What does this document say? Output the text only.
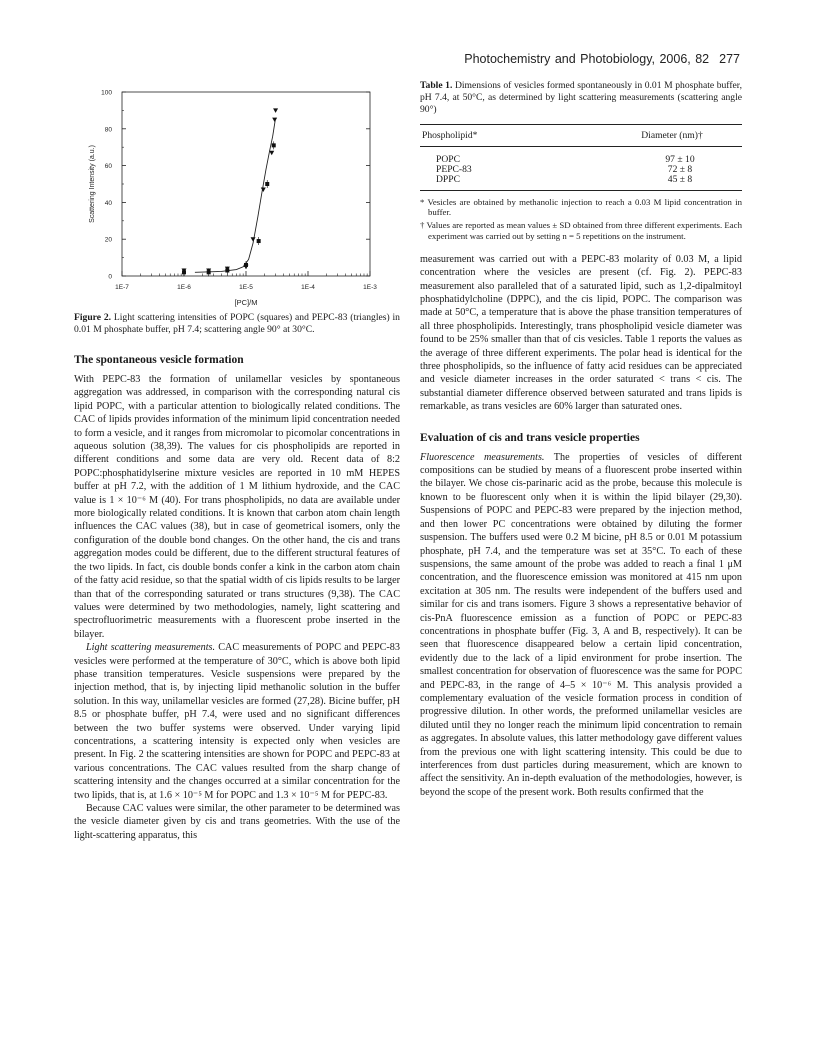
Photochemistry and Photobiology, 2006, 82 277
0
20
40
60
80
100
1E-7	1E-6	1E-5	1E-4	1E-3
[PC]/M
Scattering Intensity (a.u.)

Figure 2. Light scattering intensities of POPC (squares) and PEPC-83 (triangles) in 0.01 M phosphate buffer, pH 7.4; scattering angle 90° at 30°C.

The spontaneous vesicle formation

With PEPC-83 the formation of unilamellar vesicles by spontaneous aggregation was addressed, in comparison with the corresponding natural cis lipid POPC, with a particular attention to biologically related conditions. The CAC of lipids provides information of the minimum lipid concentration needed to form a vesicle, and it ranges from micromolar to picomolar concentrations in aqueous solution (38,39). The values for cis phospholipids are reported in different conditions and some data are very old. Recent data of 8:2 POPC:phosphatidylserine mixture vesicles are reported in 10 mM HEPES buffer at pH 7.2, with the addition of 1 M lithium hydroxide, and the CAC value is 1 × 10⁻⁶ M (40). For trans phospholipids, no data are available under more biologically related conditions. It is known that carbon atom chain length influences the CAC values (38), but in case of geometrical isomers, only the configuration of the double bond changes. On the other hand, the cis and trans aggregation modes could be different, due to the different structural features of the two lipids. In fact, cis double bonds confer a kink in the carbon atom chain of the fatty acid residue, so that the spatial width of cis lipids results to be larger than that of the corresponding saturated or trans structures (9,38). The CAC values were determined by two methodologies, namely, light scattering and spectrofluorimetric measurements with a fluorescent probe inserted in the bilayer.

Light scattering measurements. CAC measurements of POPC and PEPC-83 vesicles were performed at the temperature of 30°C, which is above both lipid phase transition temperatures. Vesicle suspensions were prepared by the injection method, that is, by injecting lipid methanolic solution in the buffer solution. In this way, unilamellar vesicles are formed (27,28). Bicine buffer, pH 8.5 or phosphate buffer, pH 7.4, were used and no significant differences between the two buffer systems were observed. Under varying lipid concentrations, a scattering intensity is expected only when vesicles are present. In Fig. 2 the scattering intensities are shown for POPC and PEPC-83 at various concentrations. The CAC values resulted from the sharp change of scattering intensity and the changes occurred at a similar concentration for the two lipids, that is, at 1.6 × 10⁻⁵ M for POPC and 1.3 × 10⁻⁵ M for PEPC-83.

Because CAC values were similar, the other parameter to be determined was the vesicle diameter given by cis and trans geometries. With the use of the light-scattering apparatus, this

Table 1. Dimensions of vesicles formed spontaneously in 0.01 M phosphate buffer, pH 7.4, at 50°C, as determined by light scattering measurements (scattering angle 90°)

Phospholipid*	Diameter (nm)†
POPC	97 ± 10
PEPC-83	72 ± 8
DPPC	45 ± 8

* Vesicles are obtained by methanolic injection to reach a 0.03 M lipid concentration in buffer.

† Values are reported as mean values ± SD obtained from three different experiments. Each experiment was carried out by setting n = 5 repetitions on the instrument.

measurement was carried out with a PEPC-83 molarity of 0.03 M, a lipid concentration where the vesicles are present (cf. Fig. 2). PEPC-83 measurement also paralleled that of a saturated lipid, such as 1,2-dipalmitoyl phosphatidylcholine (DPPC), and the cis lipid, POPC. The comparison was made at 50°C, a temperature that is above the phase transition temperatures of all three phospholipids. Interestingly, trans phospholipid vesicle diameter was found to be 25% smaller than that of cis vesicles. Table 1 reports the values as the average of three different experiments. The polar head is identical for the three phospholipids, so the influence of fatty acid residues can be appreciated and vesicle diameter increases in the order saturated < trans < cis. The substantial diameter difference observed between saturated and trans lipids is remarkable, as trans vesicles are 60% larger than saturated ones.

Evaluation of cis and trans vesicle properties

Fluorescence measurements. The properties of vesicles of different compositions can be studied by means of a fluorescent probe inserted within the bilayer. We chose cis-parinaric acid as the probe, because this molecule is known to be fluorescent only when it is within the lipid bilayer (29,30). Suspensions of POPC and PEPC-83 were prepared by the injection method, and then lower PC concentrations were obtained by diluting the former suspension. The buffers used were 0.2 M bicine, pH 8.5 or 0.01 M potassium phosphate, pH 7.4, and the temperature was set at 35°C. To each of these suspensions, the same amount of the probe was added to reach a final 1 μM concentration, and the fluorescence emission was monitored at 415 nm upon excitation at 305 nm. The results were independent of the buffers used and similar for cis and trans isomers. Figure 3 shows a representative behavior of cis-PnA fluorescence emission as a function of POPC or PEPC-83 concentrations in phosphate buffer (Fig. 3, A and B, respectively). It can be seen that fluorescence disappeared below a certain lipid concentration, evidently due to the lack of a lipid environment for probe insertion. The smallest concentration for observation of fluorescence was the same for POPC and PEPC-83, in the range of 4–5 × 10⁻⁶ M. This analysis provided a complementary evaluation of the vesicle formation process in condition of progressive dilution. In other words, the preformed unilamellar vesicles are diluted until they no longer reach the minimum lipid concentration to remain as aggregates. In absolute values, this latter methodology gave different values from the previous one with light scattering intensity. This could be due to interferences from dust particles during measurement, which are known to affect the sensitivity. An in-depth evaluation of the methodologies, however, is beyond the scope of the present work. Both results confirmed that the
